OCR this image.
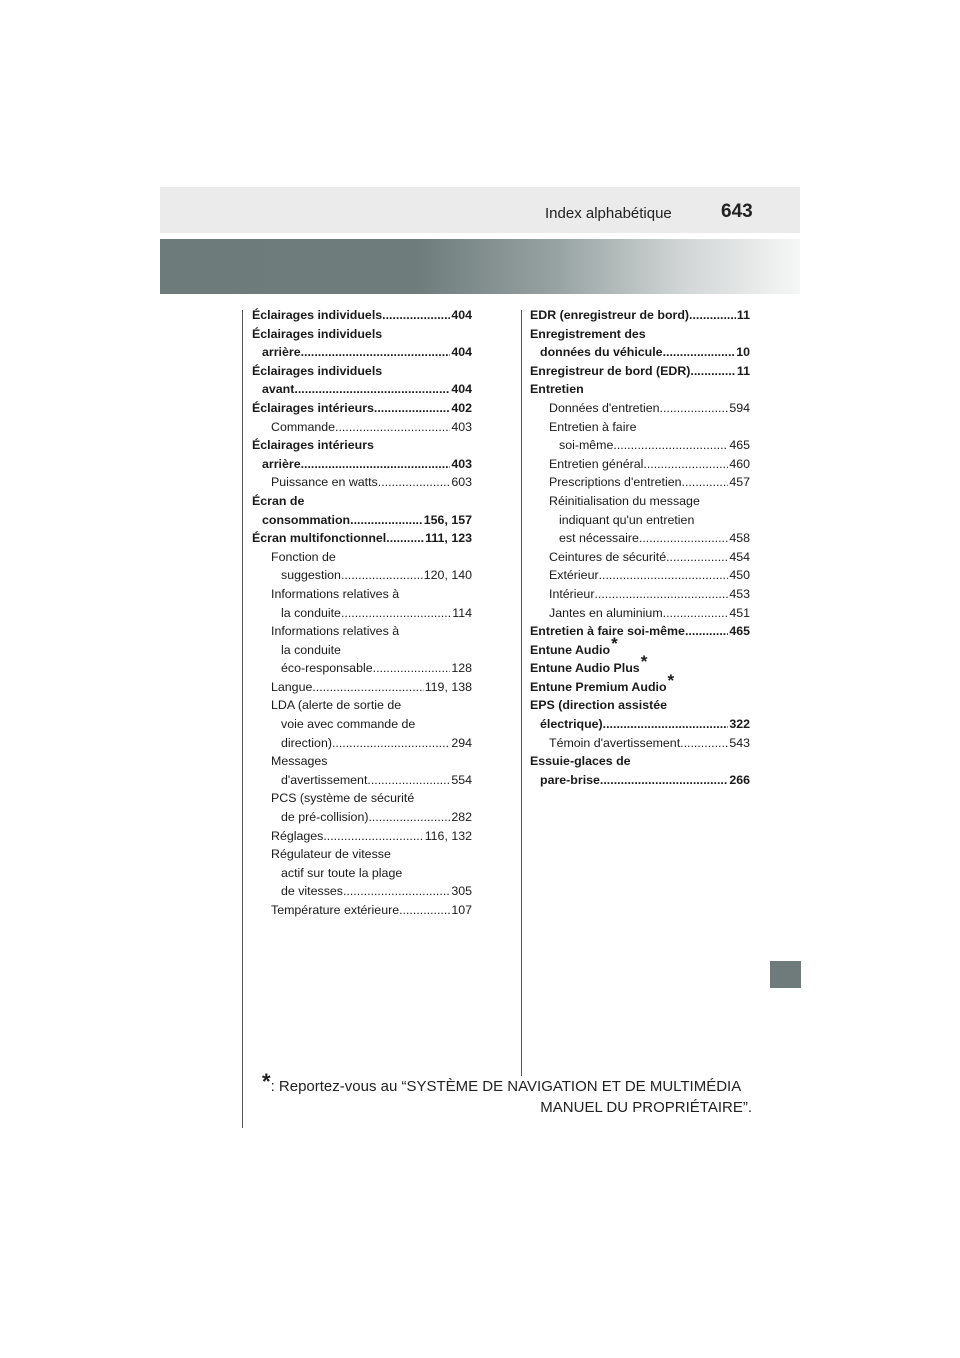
Index alphabétique	643
Éclairages individuels .....	404
Éclairages individuels
arrière .....	404
Éclairages individuels
avant .....	404
Éclairages intérieurs .....	402
Commande .....	403
Éclairages intérieurs
arrière .....	403
Puissance en watts .....	603
Écran de
consommation .....	156, 157
Écran multifonctionnel .....	111, 123
Fonction de
suggestion .....	120, 140
Informations relatives à
la conduite .....	114
Informations relatives à
la conduite
éco-responsable .....	128
Langue .....	119, 138
LDA (alerte de sortie de
voie avec commande de
direction) .....	294
Messages
d'avertissement .....	554
PCS (système de sécurité
de pré-collision) .....	282
Réglages .....	116, 132
Régulateur de vitesse
actif sur toute la plage
de vitesses .....	305
Température extérieure .....	107
EDR (enregistreur de bord) .....	11
Enregistrement des
données du véhicule .....	10
Enregistreur de bord (EDR) .....	11
Entretien
Données d'entretien .....	594
Entretien à faire
soi-même .....	465
Entretien général .....	460
Prescriptions d'entretien .....	457
Réinitialisation du message
indiquant qu'un entretien
est nécessaire .....	458
Ceintures de sécurité .....	454
Extérieur .....	450
Intérieur .....	453
Jantes en aluminium .....	451
Entretien à faire soi-même .....	465
Entune Audio*
Entune Audio Plus*
Entune Premium Audio*
EPS (direction assistée
électrique) .....	322
Témoin d'avertissement .....	543
Essuie-glaces de
pare-brise .....	266
*: Reportez-vous au “SYSTÈME DE NAVIGATION ET DE MULTIMÉDIA
MANUEL DU PROPRIÉTAIRE”.
